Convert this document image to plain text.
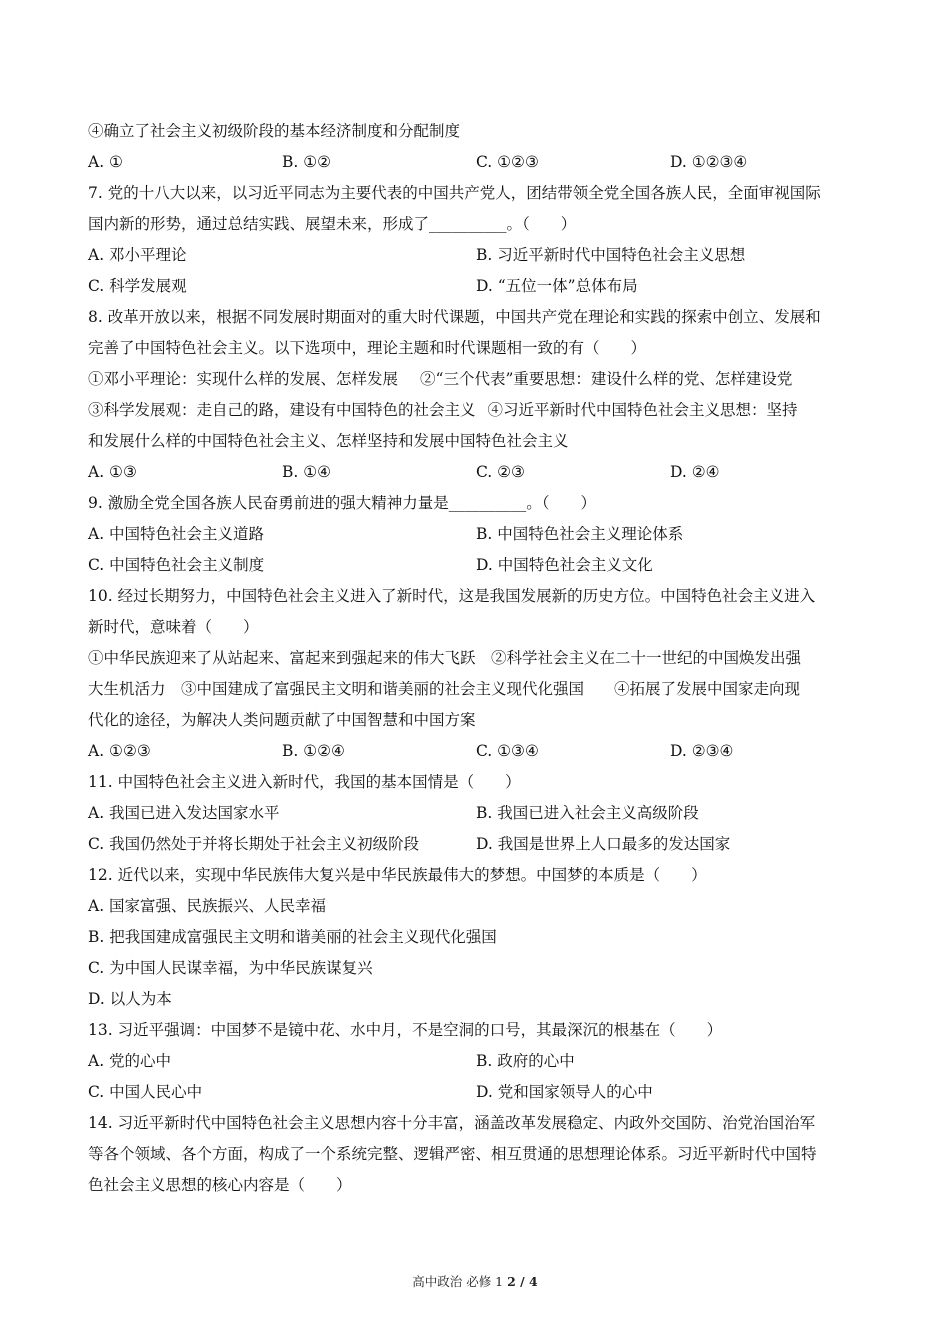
④确立了社会主义初级阶段的基本经济制度和分配制度
A. ①	B. ①②	C. ①②③	D. ①②③④
7. 党的十八大以来，以习近平同志为主要代表的中国共产党人，团结带领全党全国各族人民，全面审视国际
国内新的形势，通过总结实践、展望未来，形成了__________。（　　）
A. 邓小平理论	B. 习近平新时代中国特色社会主义思想
C. 科学发展观	D. “五位一体”总体布局
8. 改革开放以来，根据不同发展时期面对的重大时代课题，中国共产党在理论和实践的探索中创立、发展和
完善了中国特色社会主义。以下选项中，理论主题和时代课题相一致的有（　　）
①邓小平理论：实现什么样的发展、怎样发展 ②“三个代表”重要思想：建设什么样的党、怎样建设党
③科学发展观：走自己的路，建设有中国特色的社会主义 ④习近平新时代中国特色社会主义思想：坚持
和发展什么样的中国特色社会主义、怎样坚持和发展中国特色社会主义
A. ①③	B. ①④	C. ②③	D. ②④
9. 激励全党全国各族人民奋勇前进的强大精神力量是__________。（　　）
A. 中国特色社会主义道路	B. 中国特色社会主义理论体系
C. 中国特色社会主义制度	D. 中国特色社会主义文化
10. 经过长期努力，中国特色社会主义进入了新时代，这是我国发展新的历史方位。中国特色社会主义进入
新时代，意味着（　　）
①中华民族迎来了从站起来、富起来到强起来的伟大飞跃　②科学社会主义在二十一世纪的中国焕发出强
大生机活力　③中国建成了富强民主文明和谐美丽的社会主义现代化强国 ④拓展了发展中国家走向现
代化的途径，为解决人类问题贡献了中国智慧和中国方案
A. ①②③	B. ①②④	C. ①③④	D. ②③④
11. 中国特色社会主义进入新时代，我国的基本国情是（　　）
A. 我国已进入发达国家水平	B. 我国已进入社会主义高级阶段
C. 我国仍然处于并将长期处于社会主义初级阶段	D. 我国是世界上人口最多的发达国家
12. 近代以来，实现中华民族伟大复兴是中华民族最伟大的梦想。中国梦的本质是（　　）
A. 国家富强、民族振兴、人民幸福
B. 把我国建成富强民主文明和谐美丽的社会主义现代化强国
C. 为中国人民谋幸福，为中华民族谋复兴
D. 以人为本
13. 习近平强调：中国梦不是镜中花、水中月，不是空洞的口号，其最深沉的根基在（　　）
A. 党的心中	B. 政府的心中
C. 中国人民心中	D. 党和国家领导人的心中
14. 习近平新时代中国特色社会主义思想内容十分丰富，涵盖改革发展稳定、内政外交国防、治党治国治军
等各个领域、各个方面，构成了一个系统完整、逻辑严密、相互贯通的思想理论体系。习近平新时代中国特
色社会主义思想的核心内容是（　　）
高中政治 必修 1 2 / 4
